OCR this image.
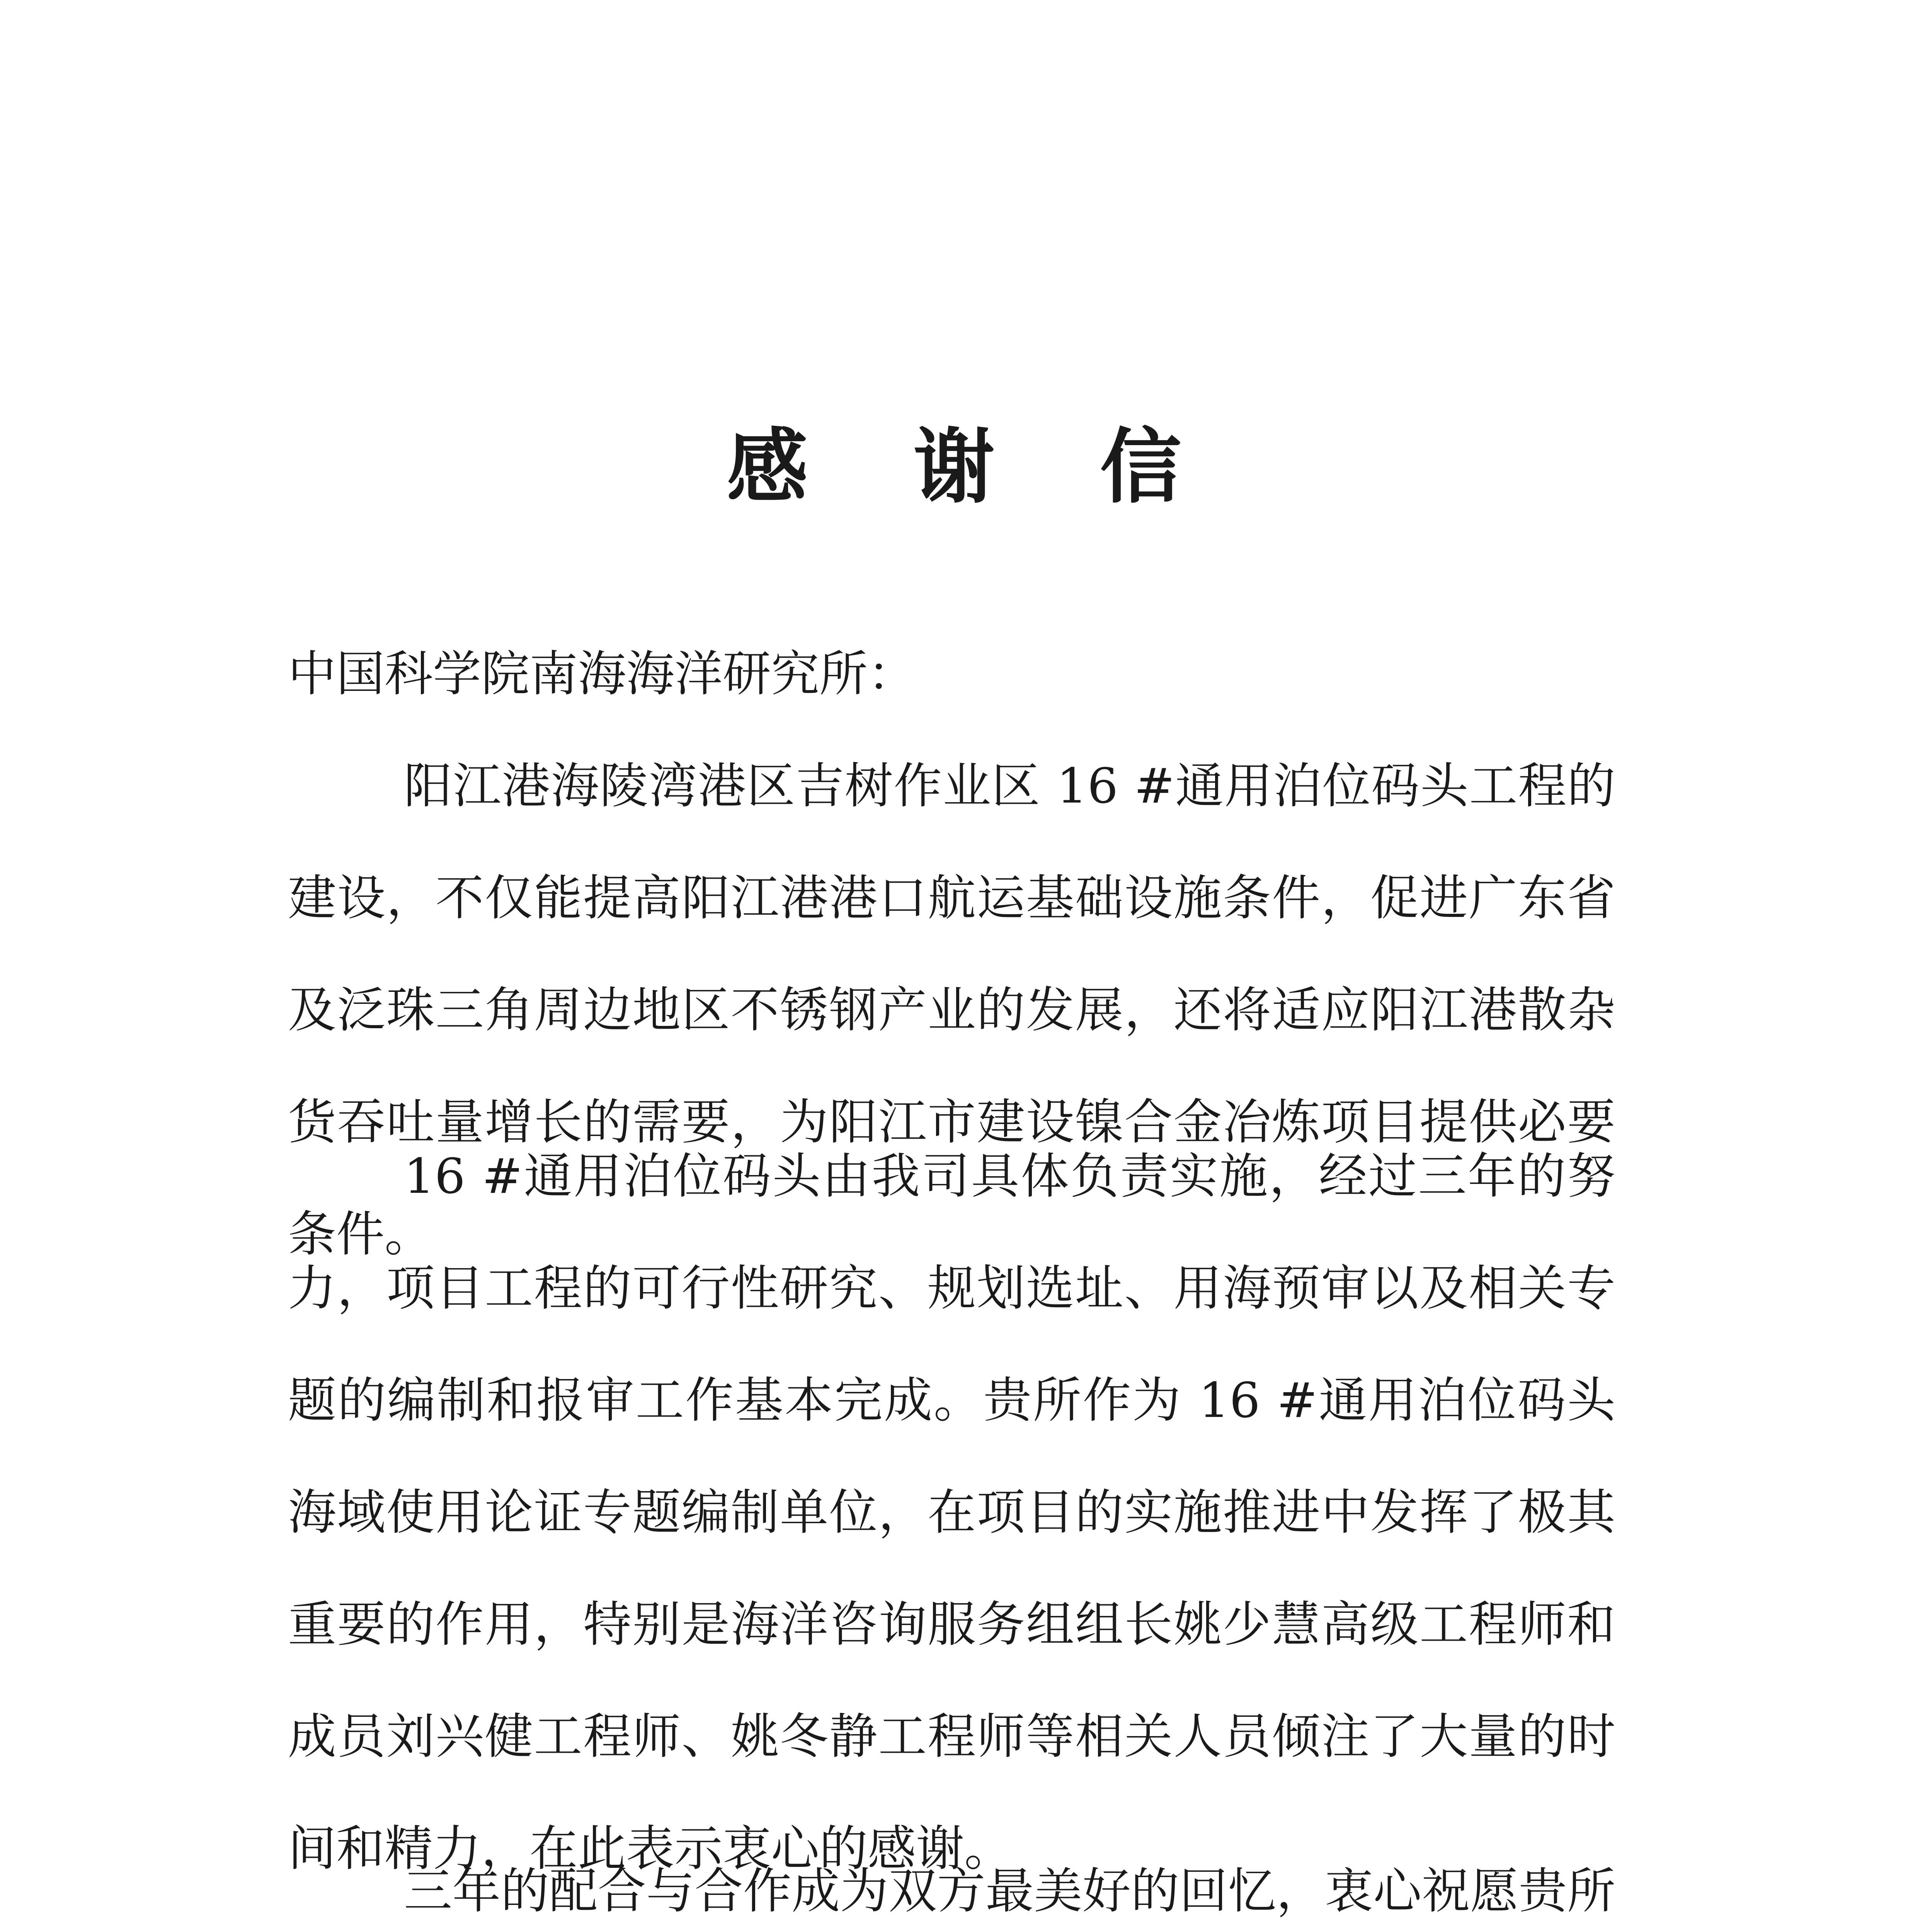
感 谢 信
中国科学院南海海洋研究所：

阳江港海陵湾港区吉树作业区 16 #通用泊位码头工程的建设，不仅能提高阳江港港口航运基础设施条件，促进广东省及泛珠三角周边地区不锈钢产业的发展，还将适应阳江港散杂货吞吐量增长的需要，为阳江市建设镍合金冶炼项目提供必要条件。

16 #通用泊位码头由我司具体负责实施，经过三年的努力，项目工程的可行性研究、规划选址、用海预审以及相关专题的编制和报审工作基本完成。贵所作为 16 #通用泊位码头海域使用论证专题编制单位，在项目的实施推进中发挥了极其重要的作用，特别是海洋咨询服务组组长姚少慧高级工程师和成员刘兴健工程师、姚冬静工程师等相关人员倾注了大量的时间和精力，在此表示衷心的感谢。

三年的配合与合作成为双方最美好的回忆，衷心祝愿贵所
